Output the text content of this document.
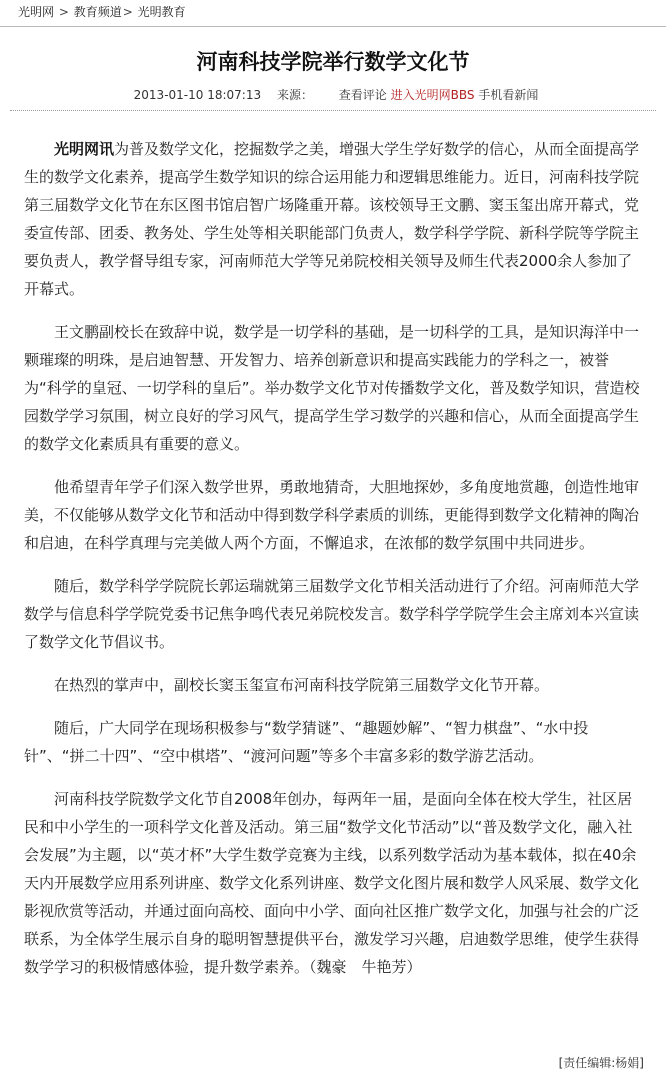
光明网 > 教育频道> 光明教育
河南科技学院举行数学文化节
2013-01-10 18:07:13 来源： 查看评论 进入光明网BBS 手机看新闻

光明网讯为普及数学文化，挖掘数学之美，增强大学生学好数学的信心，从而全面提高学生的数学文化素养，提高学生数学知识的综合运用能力和逻辑思维能力。近日，河南科技学院第三届数学文化节在东区图书馆启智广场隆重开幕。该校领导王文鹏、窦玉玺出席开幕式，党委宣传部、团委、教务处、学生处等相关职能部门负责人，数学科学学院、新科学院等学院主要负责人，教学督导组专家，河南师范大学等兄弟院校相关领导及师生代表2000余人参加了开幕式。

王文鹏副校长在致辞中说，数学是一切学科的基础，是一切科学的工具，是知识海洋中一颗璀璨的明珠，是启迪智慧、开发智力、培养创新意识和提高实践能力的学科之一，被誉为“科学的皇冠、一切学科的皇后”。举办数学文化节对传播数学文化，普及数学知识，营造校园数学学习氛围，树立良好的学习风气，提高学生学习数学的兴趣和信心，从而全面提高学生的数学文化素质具有重要的意义。

他希望青年学子们深入数学世界，勇敢地猜奇，大胆地探妙，多角度地赏趣，创造性地审美，不仅能够从数学文化节和活动中得到数学科学素质的训练，更能得到数学文化精神的陶冶和启迪，在科学真理与完美做人两个方面，不懈追求，在浓郁的数学氛围中共同进步。

随后，数学科学学院院长郭运瑞就第三届数学文化节相关活动进行了介绍。河南师范大学数学与信息科学学院党委书记焦争鸣代表兄弟院校发言。数学科学学院学生会主席刘本兴宣读了数学文化节倡议书。

在热烈的掌声中，副校长窦玉玺宣布河南科技学院第三届数学文化节开幕。

随后，广大同学在现场积极参与“数学猜谜”、“趣题妙解”、“智力棋盘”、“水中投针”、“拼二十四”、“空中棋塔”、“渡河问题”等多个丰富多彩的数学游艺活动。

河南科技学院数学文化节自2008年创办，每两年一届，是面向全体在校大学生，社区居民和中小学生的一项科学文化普及活动。第三届“数学文化节活动”以“普及数学文化，融入社会发展”为主题，以“英才杯”大学生数学竞赛为主线，以系列数学活动为基本载体，拟在40余天内开展数学应用系列讲座、数学文化系列讲座、数学文化图片展和数学人风采展、数学文化影视欣赏等活动，并通过面向高校、面向中小学、面向社区推广数学文化，加强与社会的广泛联系，为全体学生展示自身的聪明智慧提供平台，激发学习兴趣，启迪数学思维，使学生获得数学学习的积极情感体验，提升数学素养。（魏豪　牛艳芳）

[责任编辑:杨娟]
